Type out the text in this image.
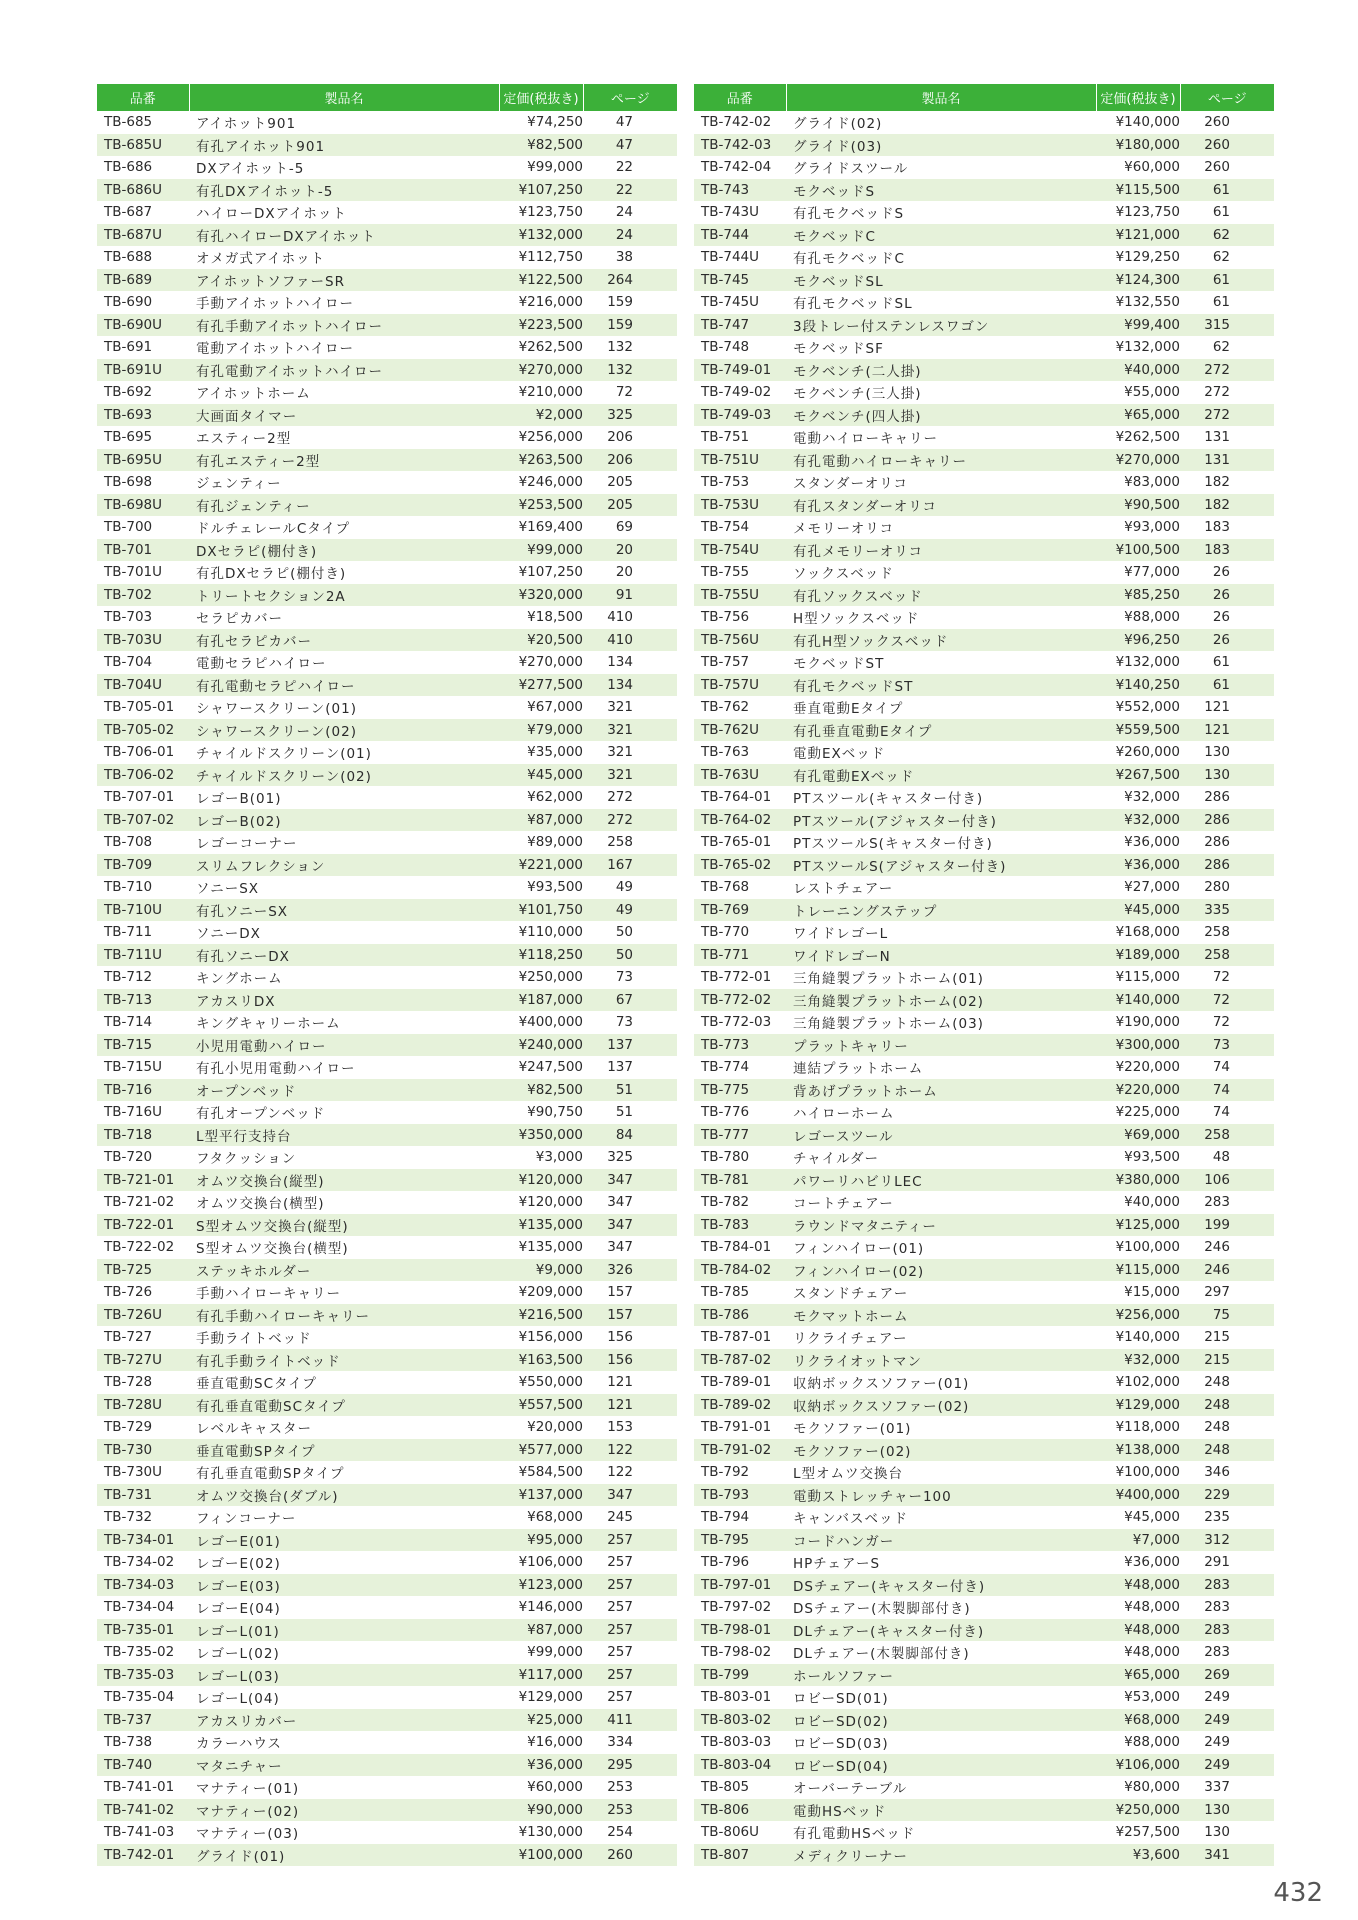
品番	製品名	定価(税抜き)	ページ
TB-685	アイホット901	¥74,250	47
TB-685U	有孔アイホット901	¥82,500	47
TB-686	DXアイホット-5	¥99,000	22
TB-686U	有孔DXアイホット-5	¥107,250	22
TB-687	ハイローDXアイホット	¥123,750	24
TB-687U	有孔ハイローDXアイホット	¥132,000	24
TB-688	オメガ式アイホット	¥112,750	38
TB-689	アイホットソファーSR	¥122,500	264
TB-690	手動アイホットハイロー	¥216,000	159
TB-690U	有孔手動アイホットハイロー	¥223,500	159
TB-691	電動アイホットハイロー	¥262,500	132
TB-691U	有孔電動アイホットハイロー	¥270,000	132
TB-692	アイホットホーム	¥210,000	72
TB-693	大画面タイマー	¥2,000	325
TB-695	エスティー2型	¥256,000	206
TB-695U	有孔エスティー2型	¥263,500	206
TB-698	ジェンティー	¥246,000	205
TB-698U	有孔ジェンティー	¥253,500	205
TB-700	ドルチェレールCタイプ	¥169,400	69
TB-701	DXセラピ(棚付き)	¥99,000	20
TB-701U	有孔DXセラピ(棚付き)	¥107,250	20
TB-702	トリートセクション2A	¥320,000	91
TB-703	セラピカバー	¥18,500	410
TB-703U	有孔セラピカバー	¥20,500	410
TB-704	電動セラピハイロー	¥270,000	134
TB-704U	有孔電動セラピハイロー	¥277,500	134
TB-705-01	シャワースクリーン(01)	¥67,000	321
TB-705-02	シャワースクリーン(02)	¥79,000	321
TB-706-01	チャイルドスクリーン(01)	¥35,000	321
TB-706-02	チャイルドスクリーン(02)	¥45,000	321
TB-707-01	レゴーB(01)	¥62,000	272
TB-707-02	レゴーB(02)	¥87,000	272
TB-708	レゴーコーナー	¥89,000	258
TB-709	スリムフレクション	¥221,000	167
TB-710	ソニーSX	¥93,500	49
TB-710U	有孔ソニーSX	¥101,750	49
TB-711	ソニーDX	¥110,000	50
TB-711U	有孔ソニーDX	¥118,250	50
TB-712	キングホーム	¥250,000	73
TB-713	アカスリDX	¥187,000	67
TB-714	キングキャリーホーム	¥400,000	73
TB-715	小児用電動ハイロー	¥240,000	137
TB-715U	有孔小児用電動ハイロー	¥247,500	137
TB-716	オープンベッド	¥82,500	51
TB-716U	有孔オープンベッド	¥90,750	51
TB-718	L型平行支持台	¥350,000	84
TB-720	フタクッション	¥3,000	325
TB-721-01	オムツ交換台(縦型)	¥120,000	347
TB-721-02	オムツ交換台(横型)	¥120,000	347
TB-722-01	S型オムツ交換台(縦型)	¥135,000	347
TB-722-02	S型オムツ交換台(横型)	¥135,000	347
TB-725	ステッキホルダー	¥9,000	326
TB-726	手動ハイローキャリー	¥209,000	157
TB-726U	有孔手動ハイローキャリー	¥216,500	157
TB-727	手動ライトベッド	¥156,000	156
TB-727U	有孔手動ライトベッド	¥163,500	156
TB-728	垂直電動SCタイプ	¥550,000	121
TB-728U	有孔垂直電動SCタイプ	¥557,500	121
TB-729	レベルキャスター	¥20,000	153
TB-730	垂直電動SPタイプ	¥577,000	122
TB-730U	有孔垂直電動SPタイプ	¥584,500	122
TB-731	オムツ交換台(ダブル)	¥137,000	347
TB-732	フィンコーナー	¥68,000	245
TB-734-01	レゴーE(01)	¥95,000	257
TB-734-02	レゴーE(02)	¥106,000	257
TB-734-03	レゴーE(03)	¥123,000	257
TB-734-04	レゴーE(04)	¥146,000	257
TB-735-01	レゴーL(01)	¥87,000	257
TB-735-02	レゴーL(02)	¥99,000	257
TB-735-03	レゴーL(03)	¥117,000	257
TB-735-04	レゴーL(04)	¥129,000	257
TB-737	アカスリカバー	¥25,000	411
TB-738	カラーハウス	¥16,000	334
TB-740	マタニチャー	¥36,000	295
TB-741-01	マナティー(01)	¥60,000	253
TB-741-02	マナティー(02)	¥90,000	253
TB-741-03	マナティー(03)	¥130,000	254
TB-742-01	グライド(01)	¥100,000	260
品番	製品名	定価(税抜き)	ページ
TB-742-02	グライド(02)	¥140,000	260
TB-742-03	グライド(03)	¥180,000	260
TB-742-04	グライドスツール	¥60,000	260
TB-743	モクベッドS	¥115,500	61
TB-743U	有孔モクベッドS	¥123,750	61
TB-744	モクベッドC	¥121,000	62
TB-744U	有孔モクベッドC	¥129,250	62
TB-745	モクベッドSL	¥124,300	61
TB-745U	有孔モクベッドSL	¥132,550	61
TB-747	3段トレー付ステンレスワゴン	¥99,400	315
TB-748	モクベッドSF	¥132,000	62
TB-749-01	モクベンチ(二人掛)	¥40,000	272
TB-749-02	モクベンチ(三人掛)	¥55,000	272
TB-749-03	モクベンチ(四人掛)	¥65,000	272
TB-751	電動ハイローキャリー	¥262,500	131
TB-751U	有孔電動ハイローキャリー	¥270,000	131
TB-753	スタンダーオリコ	¥83,000	182
TB-753U	有孔スタンダーオリコ	¥90,500	182
TB-754	メモリーオリコ	¥93,000	183
TB-754U	有孔メモリーオリコ	¥100,500	183
TB-755	ソックスベッド	¥77,000	26
TB-755U	有孔ソックスベッド	¥85,250	26
TB-756	H型ソックスベッド	¥88,000	26
TB-756U	有孔H型ソックスベッド	¥96,250	26
TB-757	モクベッドST	¥132,000	61
TB-757U	有孔モクベッドST	¥140,250	61
TB-762	垂直電動Eタイプ	¥552,000	121
TB-762U	有孔垂直電動Eタイプ	¥559,500	121
TB-763	電動EXベッド	¥260,000	130
TB-763U	有孔電動EXベッド	¥267,500	130
TB-764-01	PTスツール(キャスター付き)	¥32,000	286
TB-764-02	PTスツール(アジャスター付き)	¥32,000	286
TB-765-01	PTスツールS(キャスター付き)	¥36,000	286
TB-765-02	PTスツールS(アジャスター付き)	¥36,000	286
TB-768	レストチェアー	¥27,000	280
TB-769	トレーニングステップ	¥45,000	335
TB-770	ワイドレゴーL	¥168,000	258
TB-771	ワイドレゴーN	¥189,000	258
TB-772-01	三角縫製プラットホーム(01)	¥115,000	72
TB-772-02	三角縫製プラットホーム(02)	¥140,000	72
TB-772-03	三角縫製プラットホーム(03)	¥190,000	72
TB-773	プラットキャリー	¥300,000	73
TB-774	連結プラットホーム	¥220,000	74
TB-775	背あげプラットホーム	¥220,000	74
TB-776	ハイローホーム	¥225,000	74
TB-777	レゴースツール	¥69,000	258
TB-780	チャイルダー	¥93,500	48
TB-781	パワーリハビリLEC	¥380,000	106
TB-782	コートチェアー	¥40,000	283
TB-783	ラウンドマタニティー	¥125,000	199
TB-784-01	フィンハイロー(01)	¥100,000	246
TB-784-02	フィンハイロー(02)	¥115,000	246
TB-785	スタンドチェアー	¥15,000	297
TB-786	モクマットホーム	¥256,000	75
TB-787-01	リクライチェアー	¥140,000	215
TB-787-02	リクライオットマン	¥32,000	215
TB-789-01	収納ボックスソファー(01)	¥102,000	248
TB-789-02	収納ボックスソファー(02)	¥129,000	248
TB-791-01	モクソファー(01)	¥118,000	248
TB-791-02	モクソファー(02)	¥138,000	248
TB-792	L型オムツ交換台	¥100,000	346
TB-793	電動ストレッチャー100	¥400,000	229
TB-794	キャンバスベッド	¥45,000	235
TB-795	コードハンガー	¥7,000	312
TB-796	HPチェアーS	¥36,000	291
TB-797-01	DSチェアー(キャスター付き)	¥48,000	283
TB-797-02	DSチェアー(木製脚部付き)	¥48,000	283
TB-798-01	DLチェアー(キャスター付き)	¥48,000	283
TB-798-02	DLチェアー(木製脚部付き)	¥48,000	283
TB-799	ホールソファー	¥65,000	269
TB-803-01	ロビーSD(01)	¥53,000	249
TB-803-02	ロビーSD(02)	¥68,000	249
TB-803-03	ロビーSD(03)	¥88,000	249
TB-803-04	ロビーSD(04)	¥106,000	249
TB-805	オーバーテーブル	¥80,000	337
TB-806	電動HSベッド	¥250,000	130
TB-806U	有孔電動HSベッド	¥257,500	130
TB-807	メディクリーナー	¥3,600	341
432
